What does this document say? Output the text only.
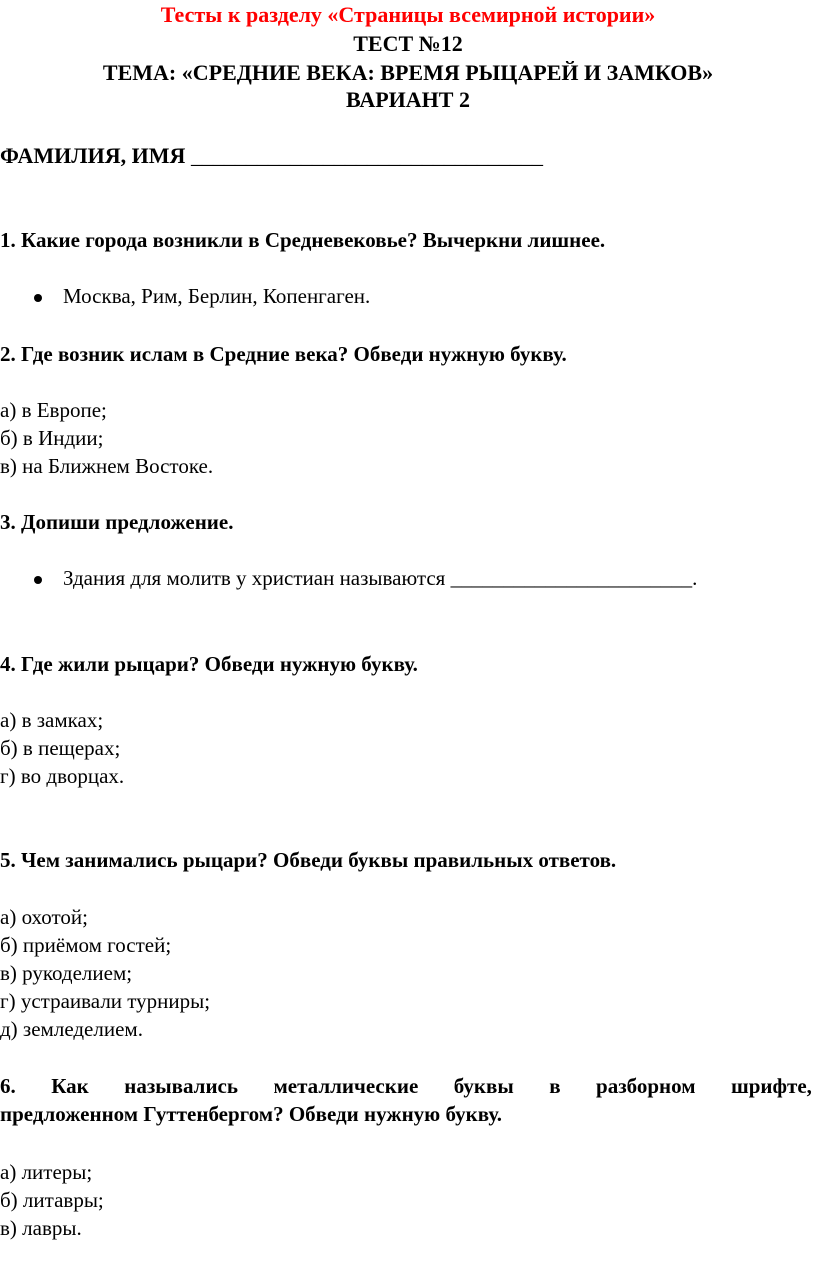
Тесты к разделу «Страницы всемирной истории»
ТЕСТ №12
ТЕМА: «СРЕДНИЕ ВЕКА: ВРЕМЯ РЫЦАРЕЙ И ЗАМКОВ»
ВАРИАНТ 2
ФАМИЛИЯ, ИМЯ ________________________________
1. Какие города возникли в Средневековье? Вычеркни лишнее.
Москва, Рим, Берлин, Копенгаген.
2. Где возник ислам в Средние века? Обведи нужную букву.
а) в Европе;
б) в Индии;
в) на Ближнем Востоке.
3. Допиши предложение.
Здания для молитв у христиан называются _______________________.
4. Где жили рыцари? Обведи нужную букву.
а) в замках;
б) в пещерах;
г) во дворцах.
5. Чем занимались рыцари? Обведи буквы правильных ответов.
а) охотой;
б) приёмом гостей;
в) рукоделием;
г) устраивали турниры;
д) земледелием.
6. Как назывались металлические буквы в разборном шрифте,
предложенном Гуттенбергом? Обведи нужную букву.
а) литеры;
б) литавры;
в) лавры.
